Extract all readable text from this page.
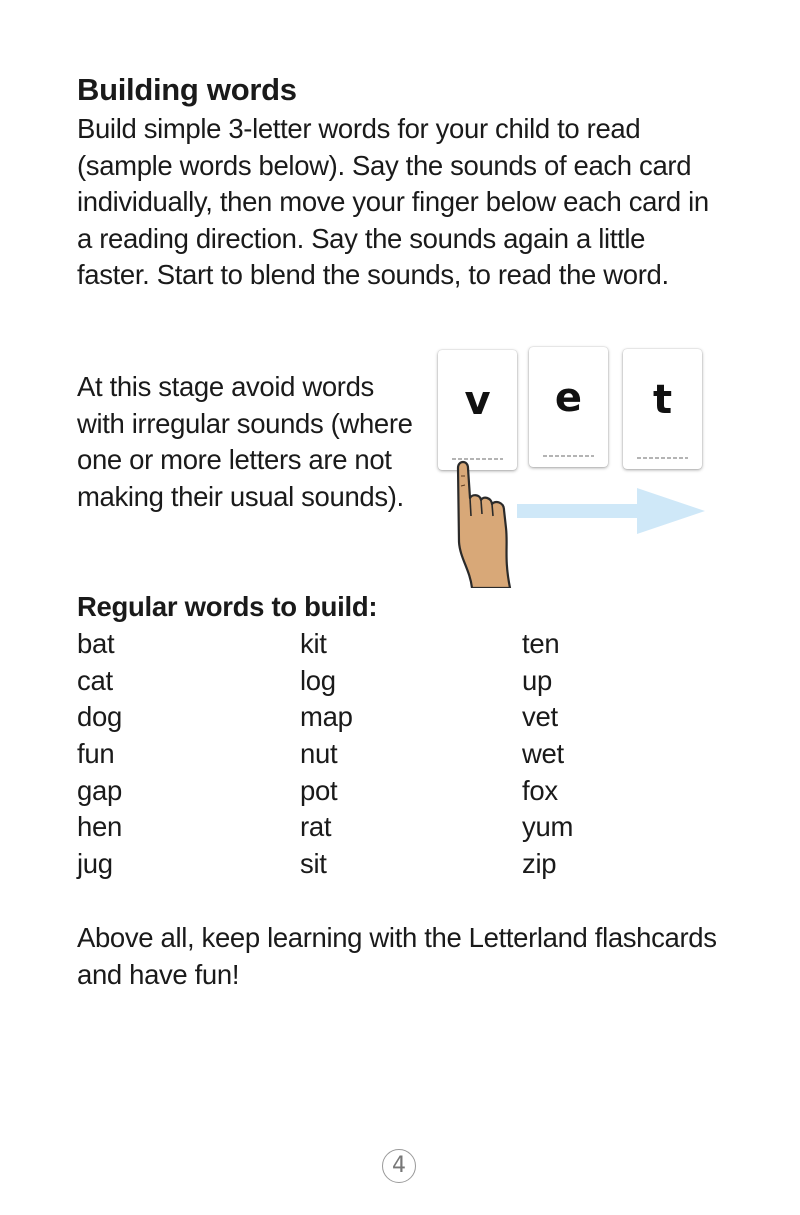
Building words

Build simple 3-letter words for your child to read (sample words below). Say the sounds of each card individually, then move your finger below each card in a reading direction. Say the sounds again a little faster. Start to blend the sounds, to read the word.

At this stage avoid words with irregular sounds (where one or more letters are not making their usual sounds).

v	e	t
Regular words to build:
bat
cat
dog
fun
gap
hen
jug
kit
log
map
nut
pot
rat
sit
ten
up
vet
wet
fox
yum
zip

Above all, keep learning with the Letterland flashcards and have fun!

4
